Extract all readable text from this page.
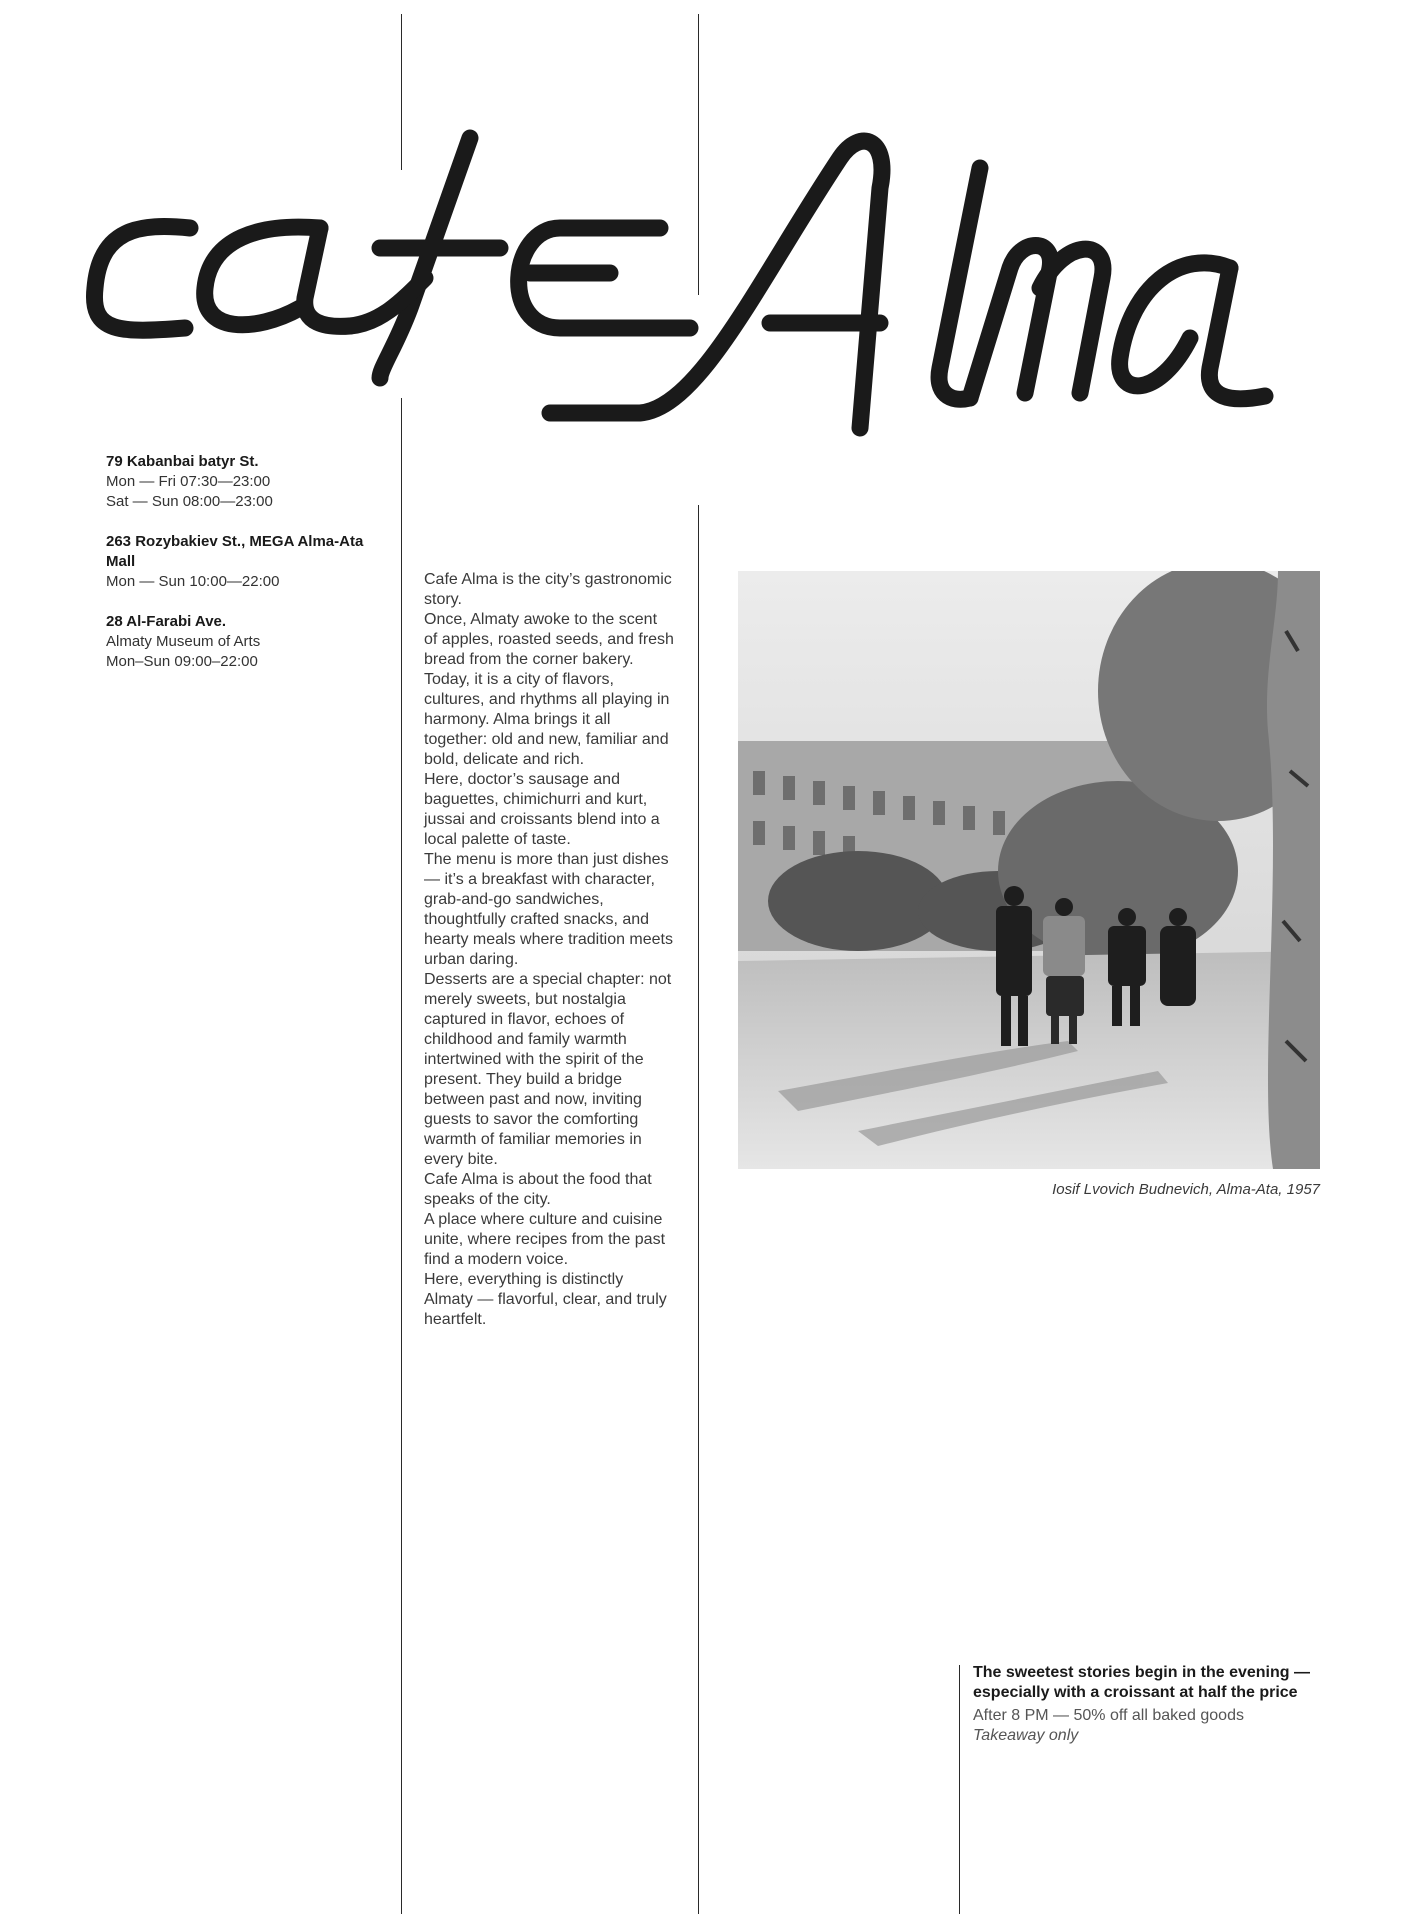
79 Kabanbai batyr St.
Mon — Fri 07:30—23:00
Sat — Sun 08:00—23:00
263 Rozybakiev St., MEGA Alma-Ata Mall
Mon — Sun 10:00—22:00
28 Al-Farabi Ave.
Almaty Museum of Arts
Mon–Sun 09:00–22:00

Cafe Alma is the city’s gastronomic story.

Once, Almaty awoke to the scent of apples, roasted seeds, and fresh bread from the corner bakery. Today, it is a city of flavors, cultures, and rhythms all playing in harmony. Alma brings it all together: old and new, familiar and bold, delicate and rich.

Here, doctor’s sausage and baguettes, chimichurri and kurt, jussai and croissants blend into a local palette of taste.

The menu is more than just dishes — it’s a breakfast with character, grab-and-go sandwiches, thoughtfully crafted snacks, and hearty meals where tradition meets urban daring.

Desserts are a special chapter: not merely sweets, but nostalgia captured in flavor, echoes of childhood and family warmth intertwined with the spirit of the present. They build a bridge between past and now, inviting guests to savor the comforting warmth of familiar memories in every bite.

Cafe Alma is about the food that speaks of the city.

A place where culture and cuisine unite, where recipes from the past find a modern voice.

Here, everything is distinctly Almaty — flavorful, clear, and truly heartfelt.

Iosif Lvovich Budnevich, Alma-Ata, 1957
The sweetest stories begin in the evening — especially with a croissant at half the price
After 8 PM — 50% off all baked goods
Takeaway only
